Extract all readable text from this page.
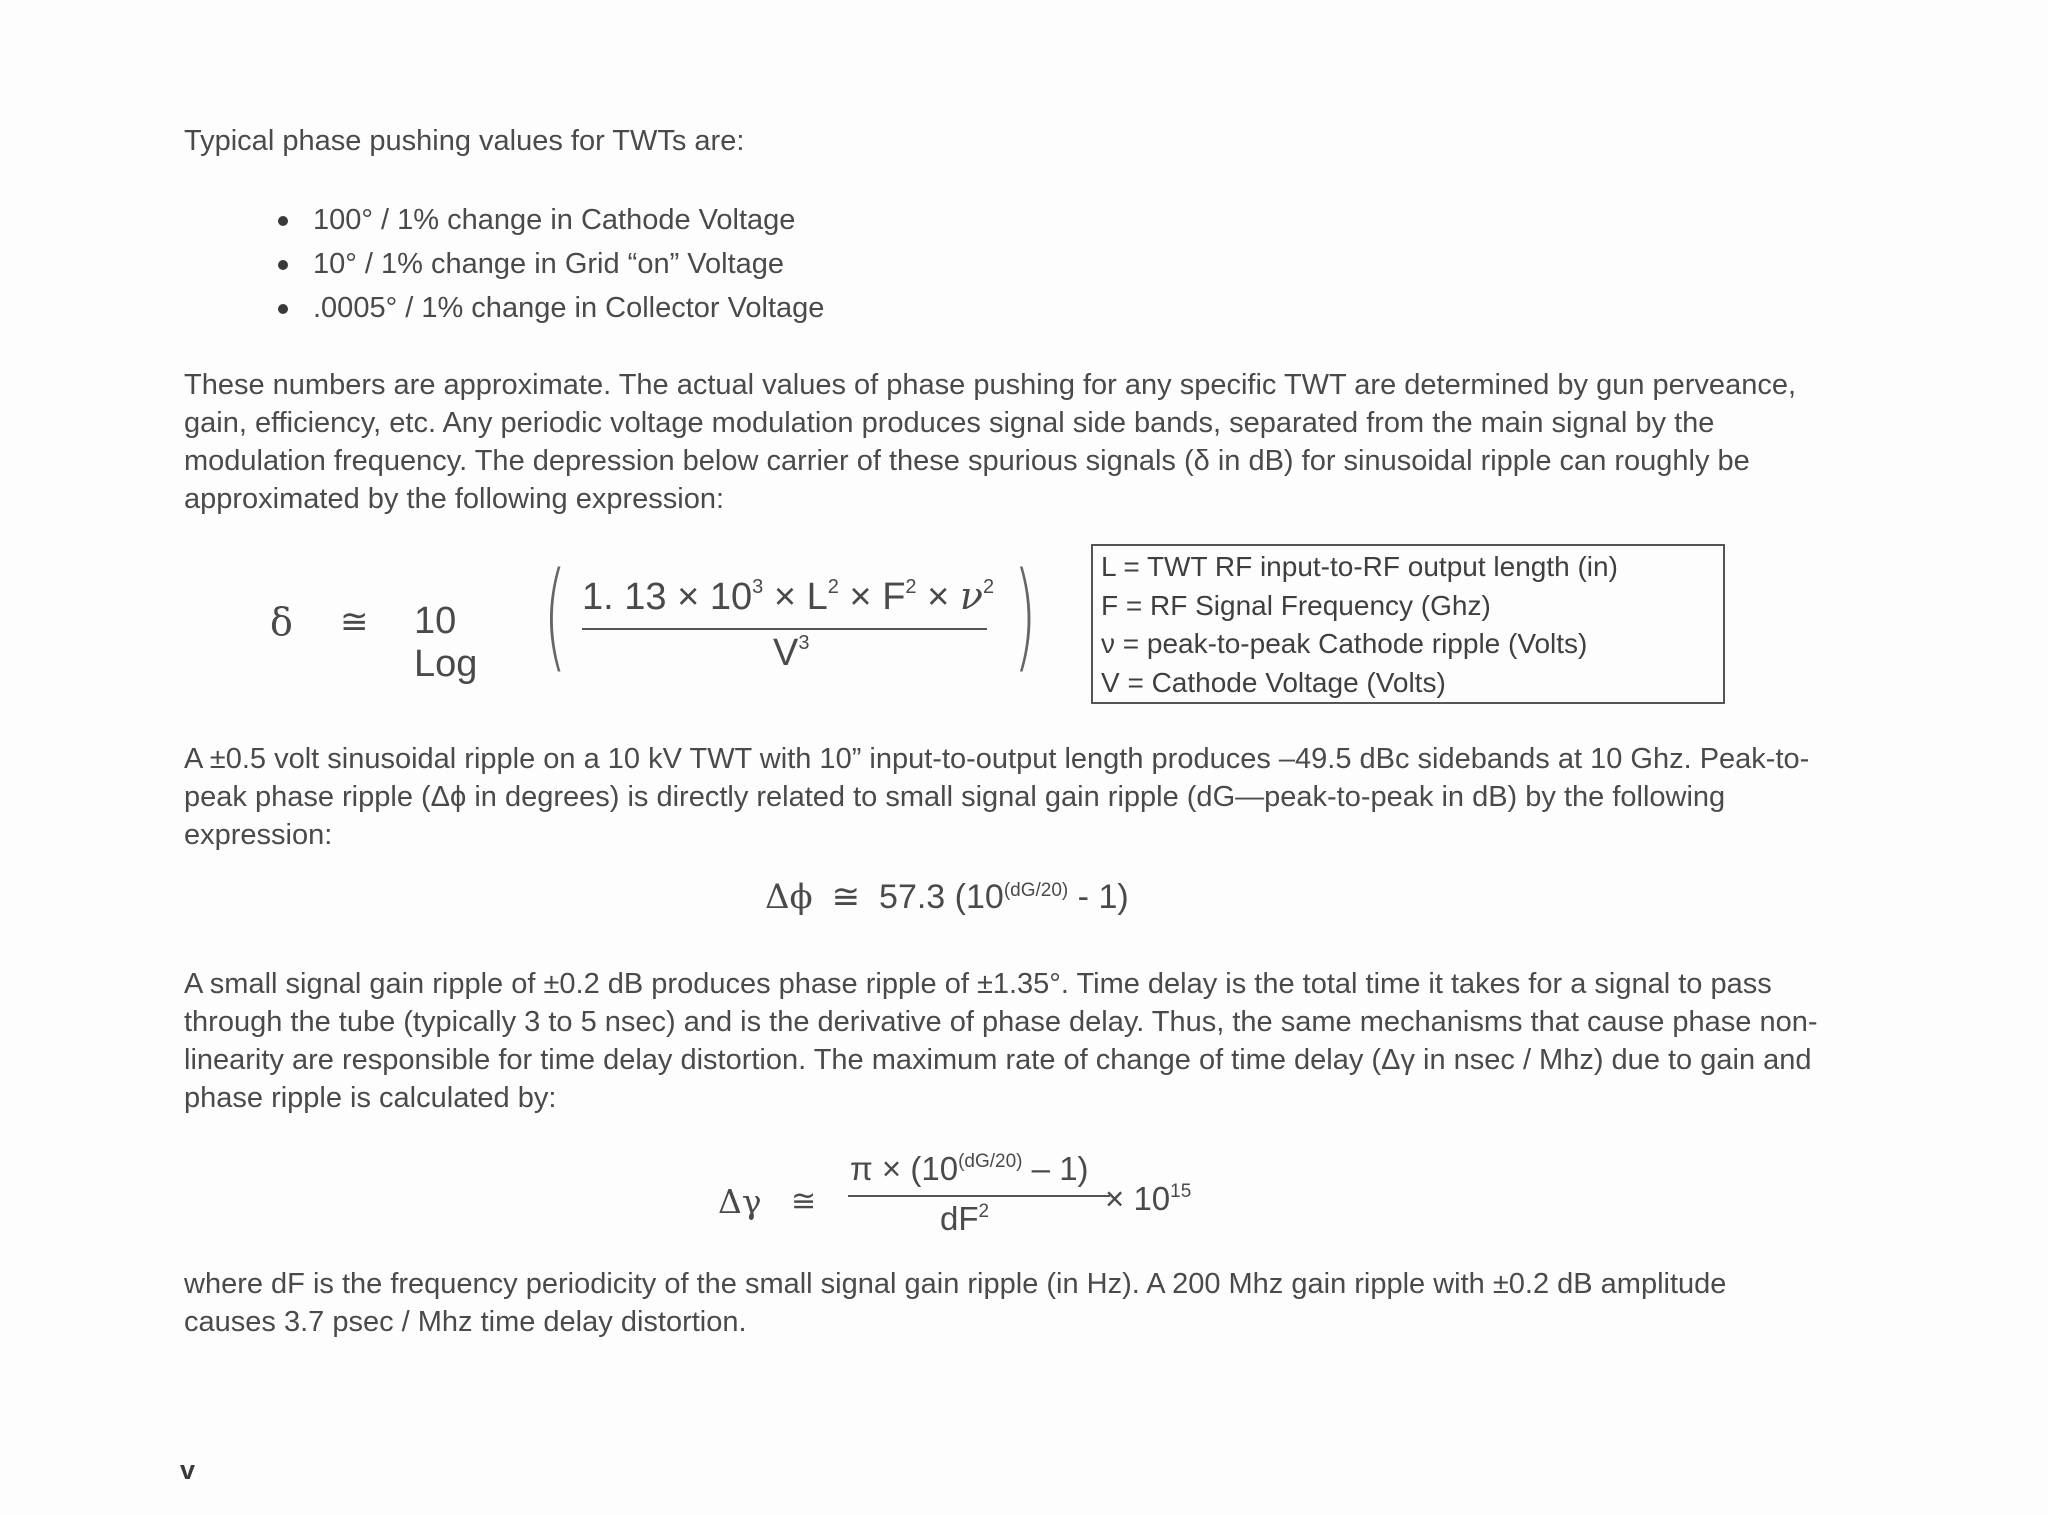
Typical phase pushing values for TWTs are:

100° / 1% change in Cathode Voltage
10° / 1% change in Grid “on” Voltage
.0005° / 1% change in Collector Voltage

These numbers are approximate. The actual values of phase pushing for any specific TWT are determined by gun perveance, gain, efficiency, etc. Any periodic voltage modulation produces signal side bands, separated from the main signal by the modulation frequency. The depression below carrier of these spurious signals (δ in dB) for sinusoidal ripple can roughly be approximated by the following expression:

δ ≅ 10 Log ( 1. $13 \times 10^3 \times L^2 \times F^2 \times \nu^2$
$V^3$ ) L = TWT RF input-to-RF output length (in)
F = RF Signal Frequency (Ghz)
ν = peak-to-peak Cathode ripple (Volts)
V = Cathode Voltage (Volts)

A ±0.5 volt sinusoidal ripple on a 10 kV TWT with 10” input-to-output length produces –49.5 dBc sidebands at 10 Ghz. Peak-to-peak phase ripple (Δϕ in degrees) is directly related to small signal gain ripple (dG—peak-to-peak in dB) by the following expression:

Δϕ ≅ 57.3 $(10^{(dG/20)} - 1)$

A small signal gain ripple of ±0.2 dB produces phase ripple of ±1.35°. Time delay is the total time it takes for a signal to pass through the tube (typically 3 to 5 nsec) and is the derivative of phase delay. Thus, the same mechanisms that cause phase non-linearity are responsible for time delay distortion. The maximum rate of change of time delay (Δγ in nsec / Mhz) due to gain and phase ripple is calculated by:

Δγ ≅
$\pi \times (10^{(dG/20)} - 1)$
$dF^2$	× $10^{15}$

where dF is the frequency periodicity of the small signal gain ripple (in Hz). A 200 Mhz gain ripple with ±0.2 dB amplitude causes 3.7 psec / Mhz time delay distortion.

v
